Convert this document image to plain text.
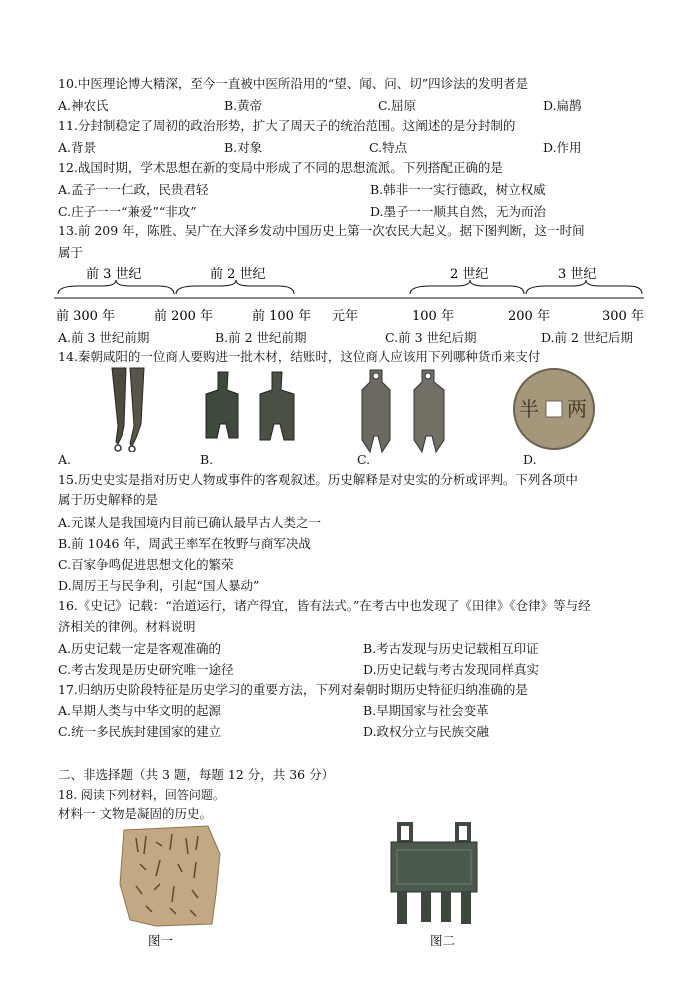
10.中医理论博大精深，至今一直被中医所沿用的“望、闻、问、切”四诊法的发明者是
A.神农氏	B.黄帝	C.屈原	D.扁鹊
11.分封制稳定了周初的政治形势，扩大了周天子的统治范围。这阐述的是分封制的
A.背景	B.对象	C.特点	D.作用
12.战国时期，学术思想在新的变局中形成了不同的思想流派。下列搭配正确的是
A.孟子一一仁政，民贵君轻	B.韩非一一实行德政，树立权威
C.庄子一一“兼爱”“非攻”	D.墨子一一顺其自然，无为而治
13.前 209 年，陈胜、吴广在大泽乡发动中国历史上第一次农民大起义。据下图判断，这一时间
属于
前 3 世纪	前 2 世纪	2 世纪	3 世纪
前 300 年	前 200 年	前 100 年 元年	100 年	200 年	300 年
A.前 3 世纪前期	B.前 2 世纪前期	C.前 3 世纪后期	D.前 2 世纪后期
14.秦朝咸阳的一位商人要购进一批木材，结账时，这位商人应该用下列哪种货币来支付
A.	B.	C.
半 两
D.
15.历史史实是指对历史人物或事件的客观叙述。历史解释是对史实的分析或评判。下列各项中
属于历史解释的是
A.元谋人是我国境内目前已确认最早古人类之一
B.前 1046 年，周武王率军在牧野与商军决战
C.百家争鸣促进思想文化的繁荣
D.周厉王与民争利，引起“国人暴动”
16.《史记》记载：“治道运行，诸产得宜，皆有法式。”在考古中也发现了《田律》《仓律》等与经
济相关的律例。材料说明
A.历史记载一定是客观准确的	B.考古发现与历史记载相互印证
C.考古发现是历史研究唯一途径	D.历史记载与考古发现同样真实
17.归纳历史阶段特征是历史学习的重要方法，下列对秦朝时期历史特征归纳准确的是
A.早期人类与中华文明的起源	B.早期国家与社会变革
C.统一多民族封建国家的建立	D.政权分立与民族交融
二、非选择题（共 3 题，每题 12 分，共 36 分）
18. 阅读下列材料，回答问题。
材料一 文物是凝固的历史。
图一	图二
